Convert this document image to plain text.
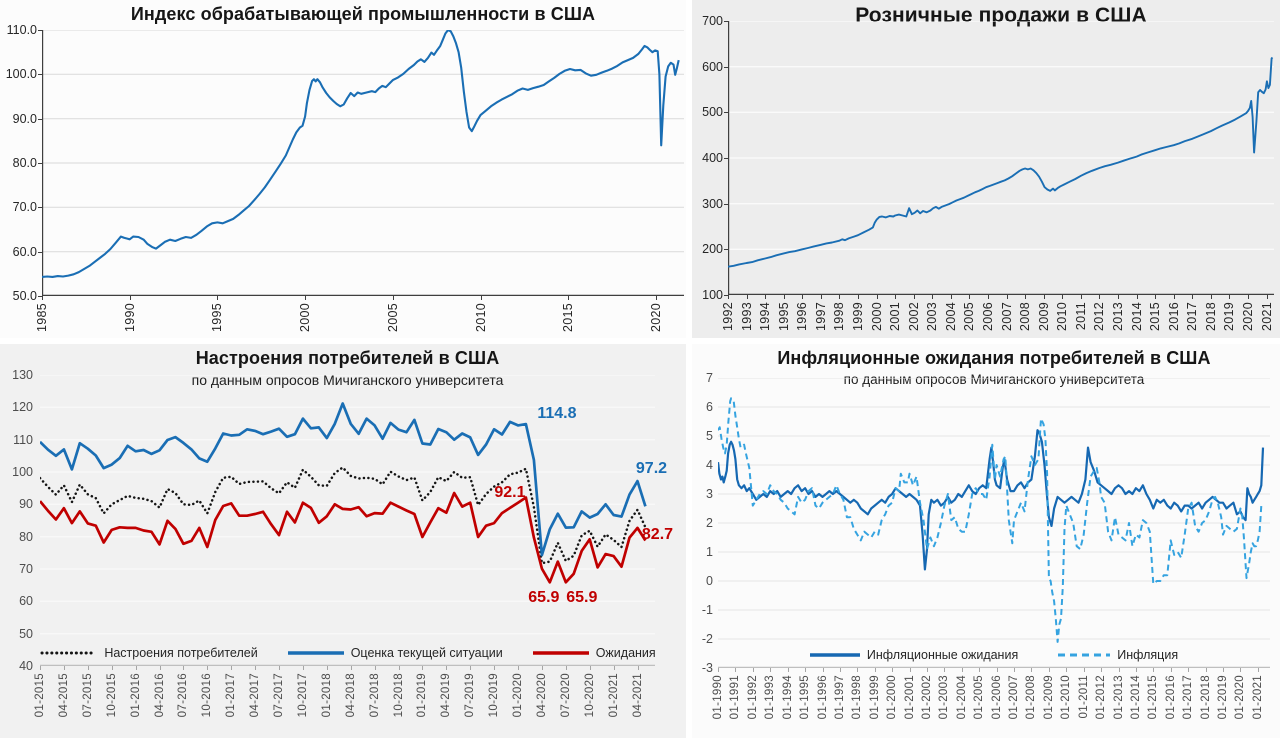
Индекс обрабатывающей промышленности в США
50.0
60.0
70.0
80.0
90.0
100.0
110.0
1985	1990	1995	2000	2005	2010	2015	2020
Розничные продажи в США
100
200
300
400
500
600
700
1992 1993 1994 1995 1996 1997 1998 1999 2000 2001 2002 2003 2004 2005 2006 2007 2008 2009 2010 2011 2012 2013 2014 2015 2016 2017 2018 2019 2020 2021
Настроения потребителей в США
по данным опросов Мичиганского университета
40
50
60
70
80
90
100
110
120
130
01-2015 04-2015 07-2015 10-2015 01-2016 04-2016 07-2016 10-2016 01-2017 04-2017 07-2017 10-2017 01-2018 04-2018 07-2018 10-2018 01-2019 04-2019 07-2019 10-2019 01-2020 04-2020 07-2020 10-2020 01-2021 04-2021
Настроения потребителей	Оценка текущей ситуации	Ожидания
114.8
97.2
92.1
82.7
65.9 65.9
Инфляционные ожидания потребителей в США
по данным опросов Мичиганского университета
-3
-2
-1
0
1
2
3
4
5
6
7
01-1990 01-1991 01-1992 01-1993 01-1994 01-1995 01-1996 01-1997 01-1998 01-1999 01-2000 01-2001 01-2002 01-2003 01-2004 01-2005 01-2006 01-2007 01-2008 01-2009 01-2010 01-2011 01-2012 01-2013 01-2014 01-2015 01-2016 01-2017 01-2018 01-2019 01-2020 01-2021
Инфляционные ожидания	Инфляция
